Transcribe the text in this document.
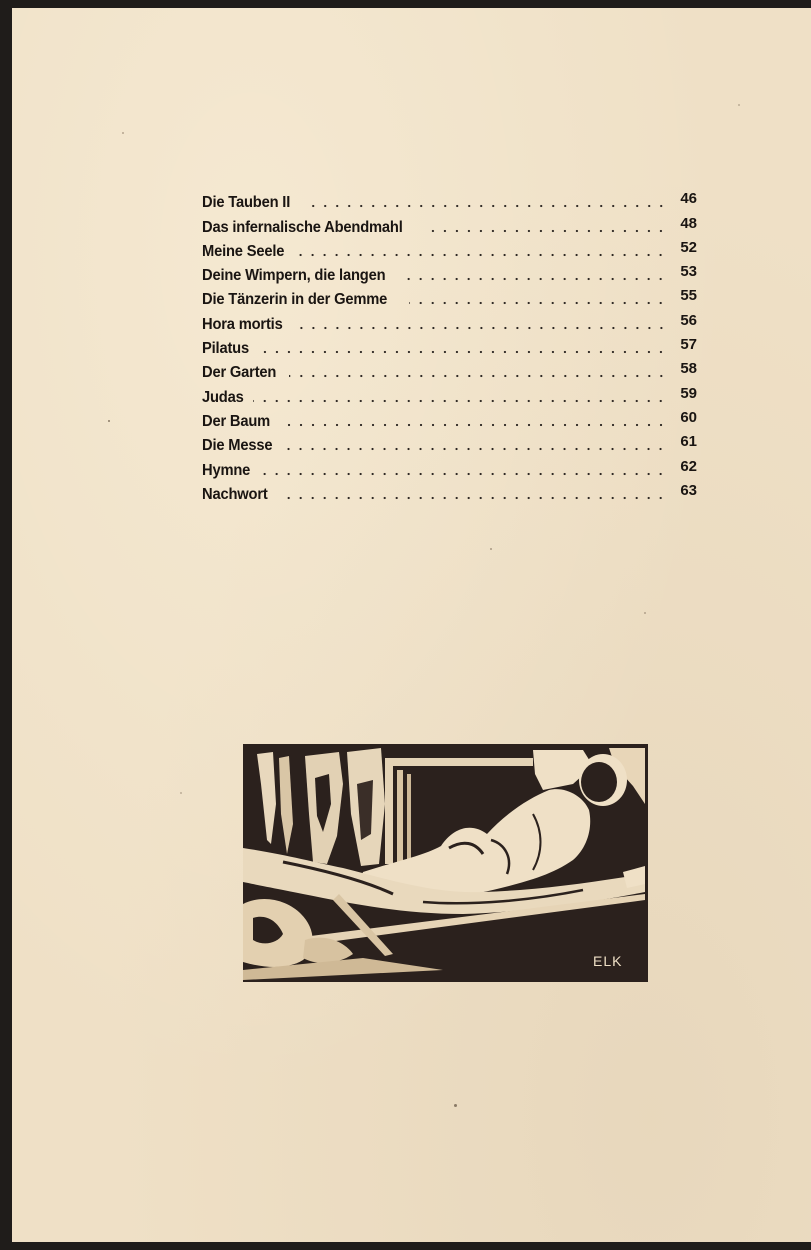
Die Tauben II	46
Das infernalische Abendmahl	48
Meine Seele	52
Deine Wimpern, die langen	53
Die Tänzerin in der Gemme	55
Hora mortis	56
Pilatus	57
Der Garten	58
Judas	59
Der Baum	60
Die Messe	61
Hymne	62
Nachwort	63
ELK
